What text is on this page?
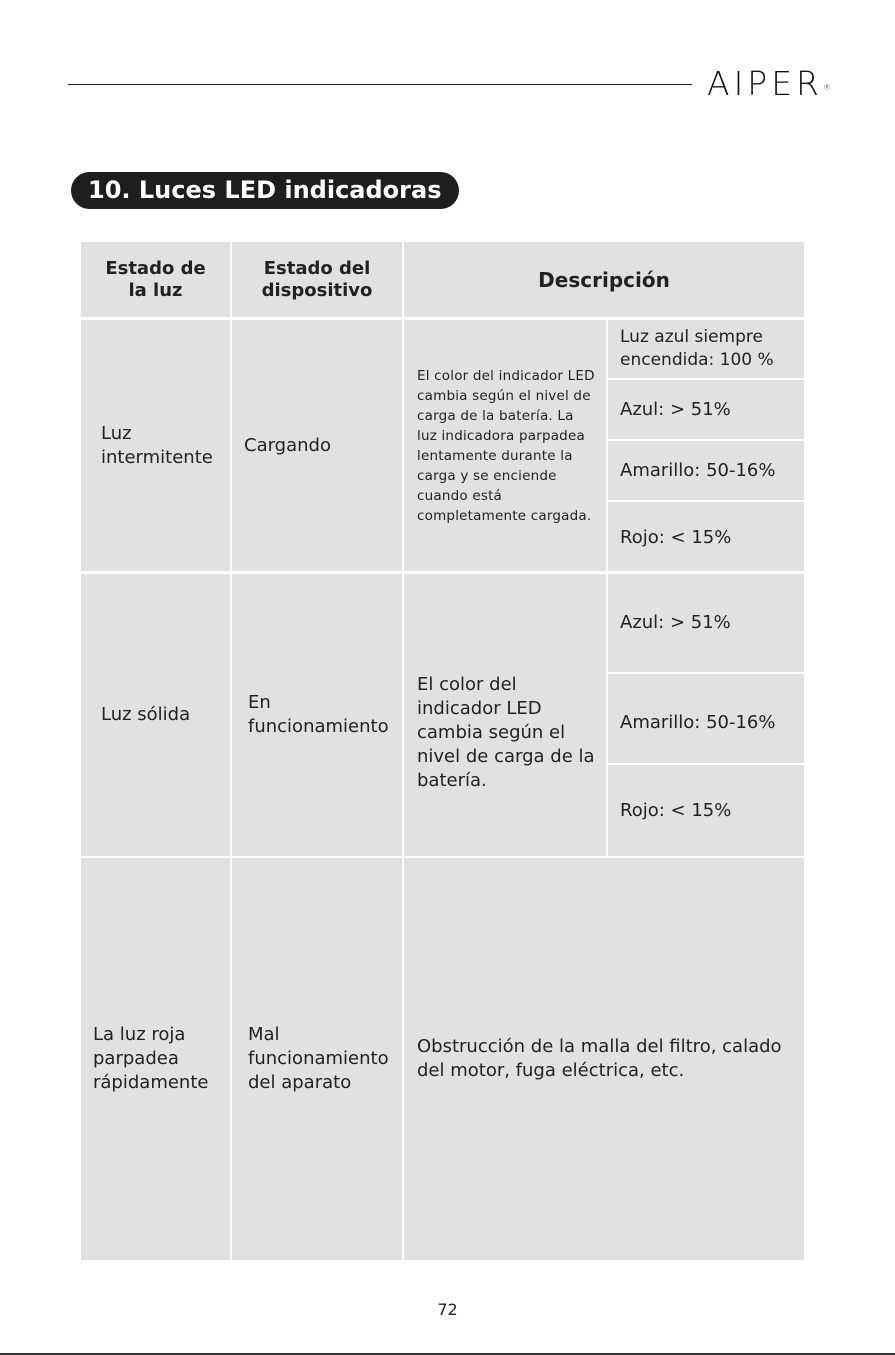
AIPER®
10. Luces LED indicadoras
Estado de la luz
Estado del dispositivo	Descripción
Luz intermitente
Cargando
El color del indicador LED cambia según el nivel de carga de la batería. La luz indicadora parpadea lentamente durante la carga y se enciende cuando está completamente cargada.
Luz azul siempre encendida: 100 %
Azul: > 51%
Amarillo: 50-16%
Rojo: < 15%
Luz sólida
En funcionamiento
El color del indicador LED cambia según el nivel de carga de la batería.
Azul: > 51%
Amarillo: 50-16%
Rojo: < 15%
La luz roja parpadea rápidamente
Mal funcionamiento del aparato
Obstrucción de la malla del filtro, calado del motor, fuga eléctrica, etc.
72
